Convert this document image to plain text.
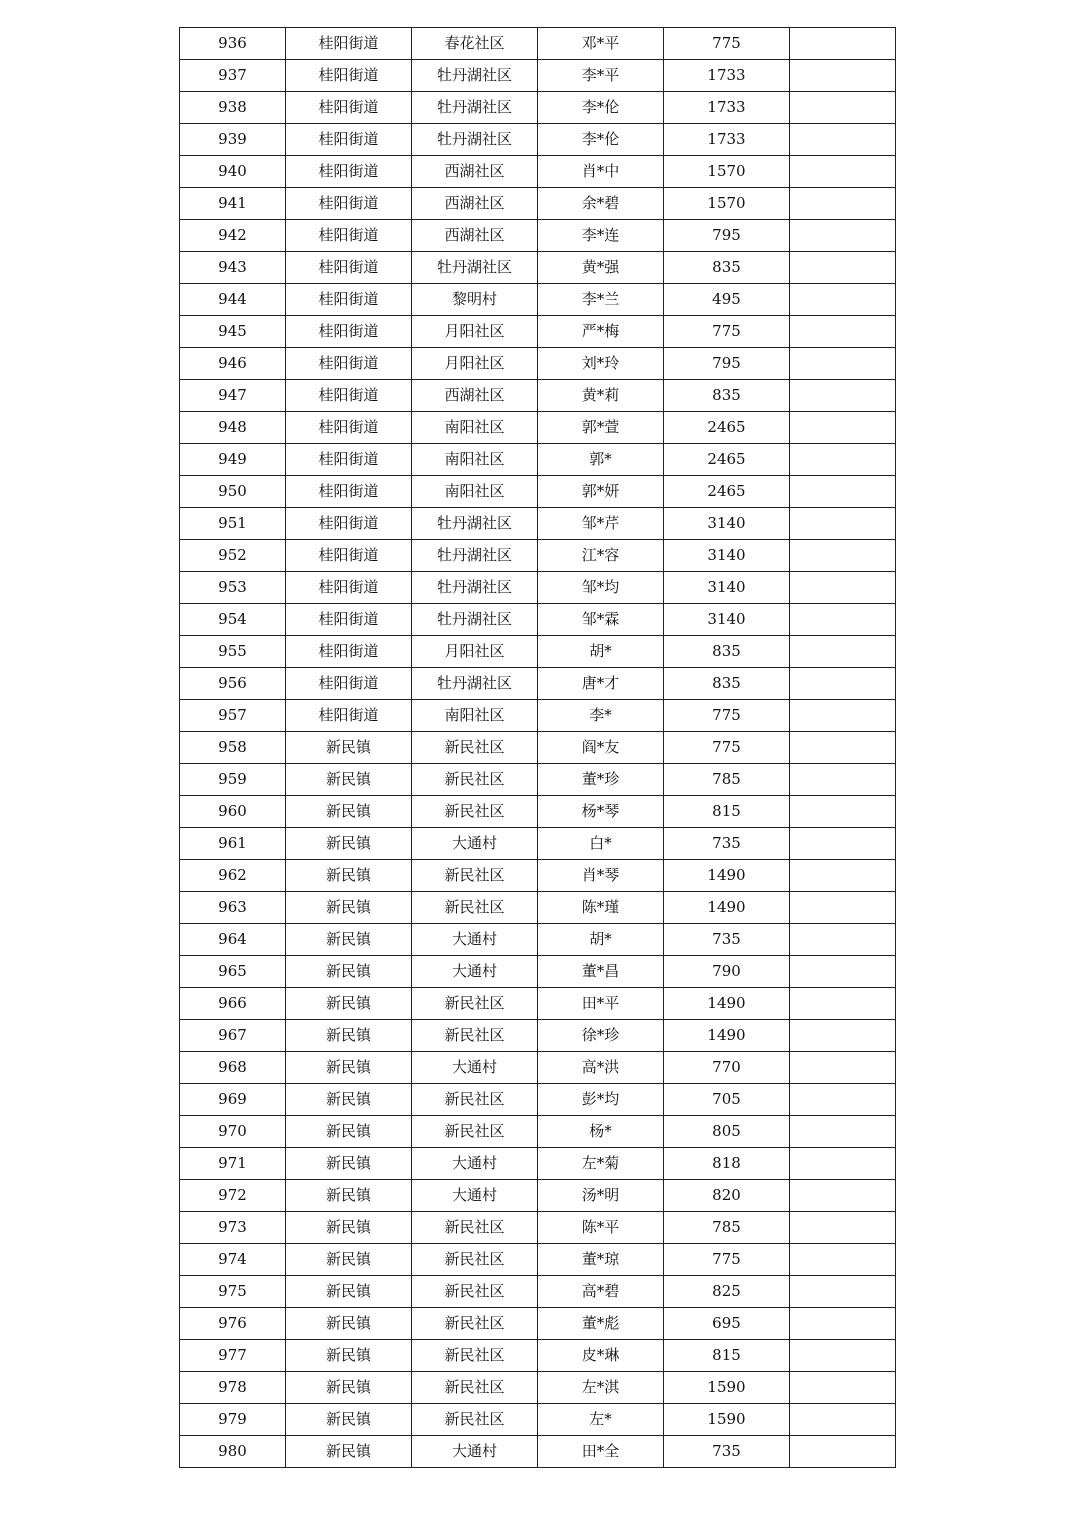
936	桂阳街道	春花社区	邓*平	775	
937	桂阳街道	牡丹湖社区	李*平	1733	
938	桂阳街道	牡丹湖社区	李*伦	1733	
939	桂阳街道	牡丹湖社区	李*伦	1733	
940	桂阳街道	西湖社区	肖*中	1570	
941	桂阳街道	西湖社区	余*碧	1570	
942	桂阳街道	西湖社区	李*连	795	
943	桂阳街道	牡丹湖社区	黄*强	835	
944	桂阳街道	黎明村	李*兰	495	
945	桂阳街道	月阳社区	严*梅	775	
946	桂阳街道	月阳社区	刘*玲	795	
947	桂阳街道	西湖社区	黄*莉	835	
948	桂阳街道	南阳社区	郭*萱	2465	
949	桂阳街道	南阳社区	郭*	2465	
950	桂阳街道	南阳社区	郭*妍	2465	
951	桂阳街道	牡丹湖社区	邹*芹	3140	
952	桂阳街道	牡丹湖社区	江*容	3140	
953	桂阳街道	牡丹湖社区	邹*均	3140	
954	桂阳街道	牡丹湖社区	邹*霖	3140	
955	桂阳街道	月阳社区	胡*	835	
956	桂阳街道	牡丹湖社区	唐*才	835	
957	桂阳街道	南阳社区	李*	775	
958	新民镇	新民社区	阎*友	775	
959	新民镇	新民社区	董*珍	785	
960	新民镇	新民社区	杨*琴	815	
961	新民镇	大通村	白*	735	
962	新民镇	新民社区	肖*琴	1490	
963	新民镇	新民社区	陈*瑾	1490	
964	新民镇	大通村	胡*	735	
965	新民镇	大通村	董*昌	790	
966	新民镇	新民社区	田*平	1490	
967	新民镇	新民社区	徐*珍	1490	
968	新民镇	大通村	高*洪	770	
969	新民镇	新民社区	彭*均	705	
970	新民镇	新民社区	杨*	805	
971	新民镇	大通村	左*菊	818	
972	新民镇	大通村	汤*明	820	
973	新民镇	新民社区	陈*平	785	
974	新民镇	新民社区	董*琼	775	
975	新民镇	新民社区	高*碧	825	
976	新民镇	新民社区	董*彪	695	
977	新民镇	新民社区	皮*琳	815	
978	新民镇	新民社区	左*淇	1590	
979	新民镇	新民社区	左*	1590	
980	新民镇	大通村	田*全	735	
